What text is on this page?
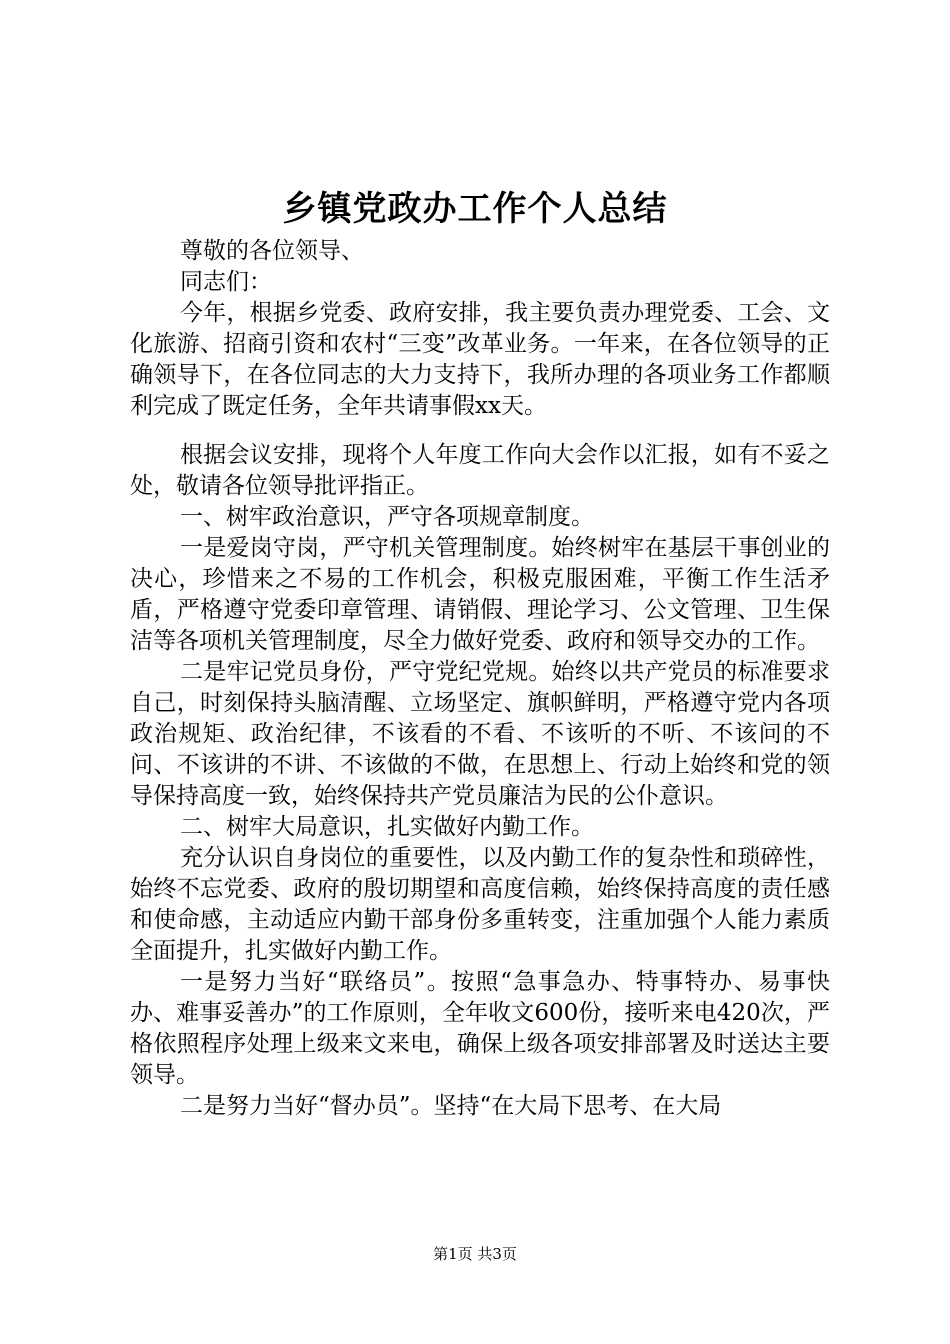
乡镇党政办工作个人总结

尊敬的各位领导、

同志们：

今年，根据乡党委、政府安排，我主要负责办理党委、工会、文化旅游、招商引资和农村“三变”改革业务。一年来，在各位领导的正确领导下，在各位同志的大力支持下，我所办理的各项业务工作都顺利完成了既定任务，全年共请事假xx天。

根据会议安排，现将个人年度工作向大会作以汇报，如有不妥之处，敬请各位领导批评指正。

一、树牢政治意识，严守各项规章制度。

一是爱岗守岗，严守机关管理制度。始终树牢在基层干事创业的决心，珍惜来之不易的工作机会，积极克服困难，平衡工作生活矛盾，严格遵守党委印章管理、请销假、理论学习、公文管理、卫生保洁等各项机关管理制度，尽全力做好党委、政府和领导交办的工作。

二是牢记党员身份，严守党纪党规。始终以共产党员的标准要求自己，时刻保持头脑清醒、立场坚定、旗帜鲜明，严格遵守党内各项政治规矩、政治纪律，不该看的不看、不该听的不听、不该问的不问、不该讲的不讲、不该做的不做，在思想上、行动上始终和党的领导保持高度一致，始终保持共产党员廉洁为民的公仆意识。

二、树牢大局意识，扎实做好内勤工作。

充分认识自身岗位的重要性，以及内勤工作的复杂性和琐碎性，始终不忘党委、政府的殷切期望和高度信赖，始终保持高度的责任感和使命感，主动适应内勤干部身份多重转变，注重加强个人能力素质全面提升，扎实做好内勤工作。

一是努力当好“联络员”。按照“急事急办、特事特办、易事快办、难事妥善办”的工作原则，全年收文600份，接听来电420次，严格依照程序处理上级来文来电，确保上级各项安排部署及时送达主要领导。

二是努力当好“督办员”。坚持“在大局下思考、在大局

第1页 共3页
